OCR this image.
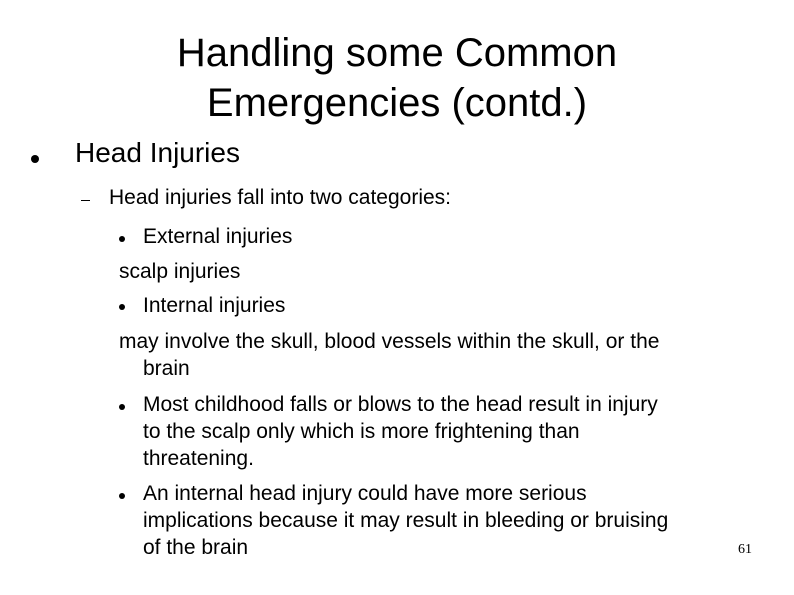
Handling some Common
Emergencies (contd.)
Head Injuries
Head injuries fall into two categories:
External injuries
scalp injuries
Internal injuries
may involve the skull, blood vessels within the skull, or the
brain
Most childhood falls or blows to the head result in injury
to the scalp only which is more frightening than
threatening.
An internal head injury could have more serious
implications because it may result in bleeding or bruising
of the brain	61
